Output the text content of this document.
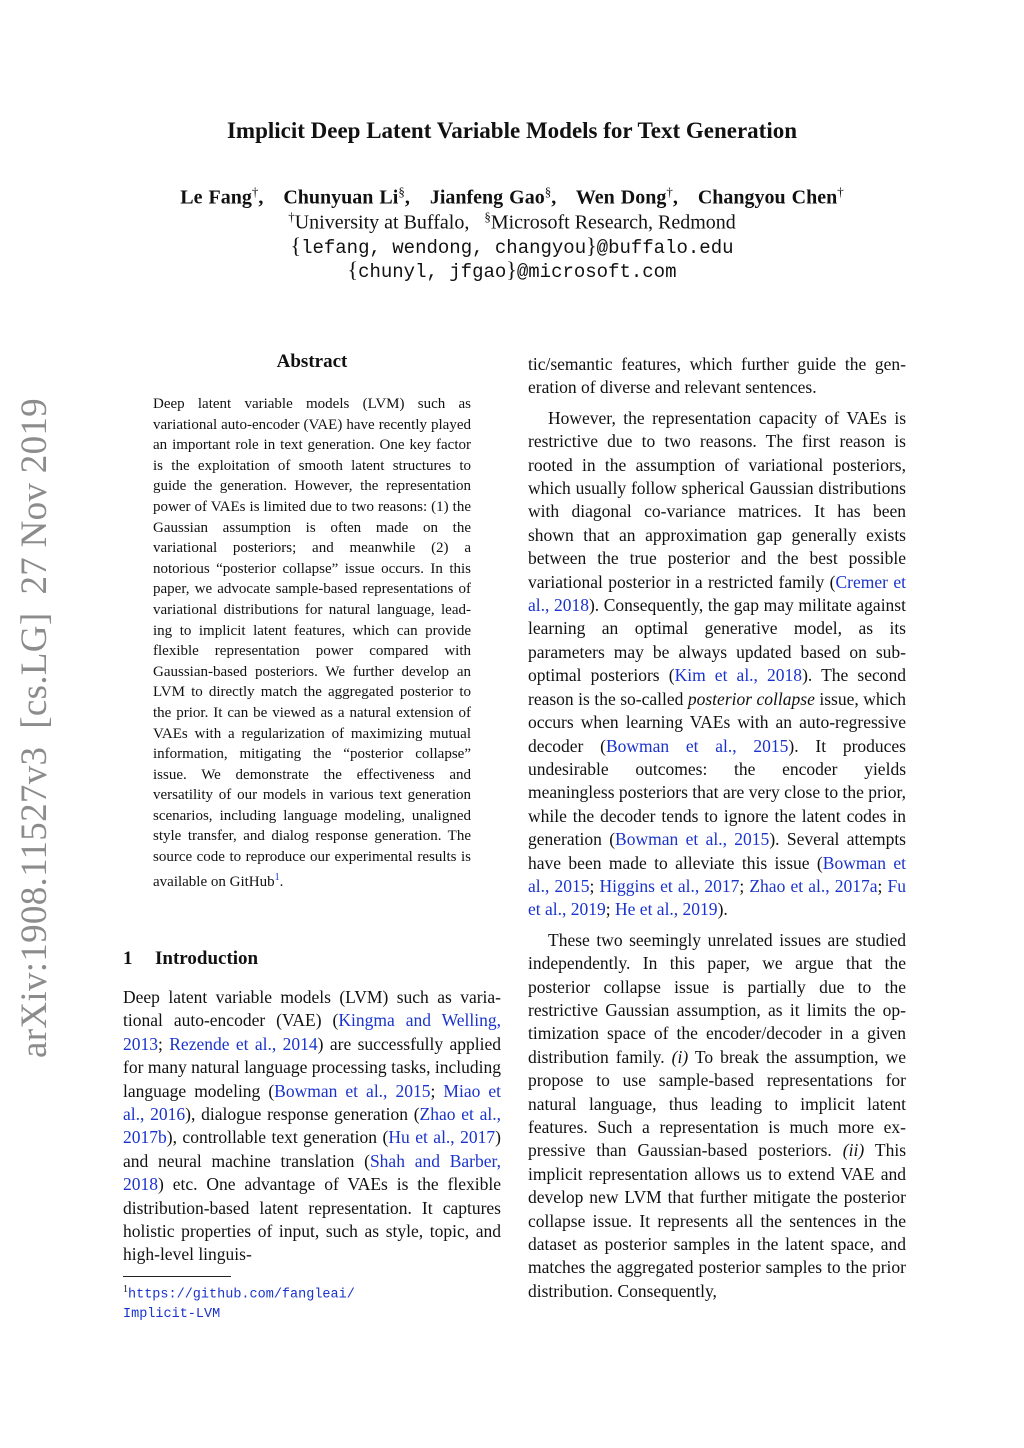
arXiv:1908.11527v3[cs.LG]27 Nov 2019
Implicit Deep Latent Variable Models for Text Generation
Le Fang†, Chunyuan Li§, Jianfeng Gao§, Wen Dong†, Changyou Chen†
†University at Buffalo, §Microsoft Research, Redmond
{lefang, wendong, changyou}@buffalo.edu
{chunyl, jfgao}@microsoft.com
Abstract
Deep latent variable models (LVM) such as variational auto-encoder (VAE) have recently played an important role in text generation. One key factor is the exploitation of smooth latent structures to guide the generation. However, the representation power of VAEs is limited due to two reasons: (1) the Gaussian assumption is often made on the variational posteriors; and meanwhile (2) a notorious “posterior collapse” issue occurs. In this paper, we advocate sample-based representations of variational distributions for natural language, leading to implicit latent features, which can provide flexible representation power compared with Gaussian-based posteriors. We further develop an LVM to directly match the aggregated posterior to the prior. It can be viewed as a natural extension of VAEs with a regularization of maximizing mutual information, mitigating the “posterior collapse” issue. We demonstrate the effectiveness and versatility of our models in various text generation scenarios, including language modeling, unaligned style transfer, and dialog response generation. The source code to reproduce our experimental results is available on GitHub$^1$.
1 Introduction

Deep latent variable models (LVM) such as variational auto-encoder (VAE) (Kingma and Welling, 2013; Rezende et al., 2014) are successfully applied for many natural language processing tasks, including language modeling (Bowman et al., 2015; Miao et al., 2016), dialogue response generation (Zhao et al., 2017b), controllable text generation (Hu et al., 2017) and neural machine translation (Shah and Barber, 2018) etc. One advantage of VAEs is the flexible distribution-based latent representation. It captures holistic properties of input, such as style, topic, and high-level linguis-

$^1$https://github.com/fangleai/
Implicit-LVM

tic/semantic features, which further guide the generation of diverse and relevant sentences.

However, the representation capacity of VAEs is restrictive due to two reasons. The first reason is rooted in the assumption of variational posteriors, which usually follow spherical Gaussian distributions with diagonal co-variance matrices. It has been shown that an approximation gap generally exists between the true posterior and the best possible variational posterior in a restricted family (Cremer et al., 2018). Consequently, the gap may militate against learning an optimal generative model, as its parameters may be always updated based on sub-optimal posteriors (Kim et al., 2018). The second reason is the so-called posterior collapse issue, which occurs when learning VAEs with an auto-regressive decoder (Bowman et al., 2015). It produces undesirable outcomes: the encoder yields meaningless posteriors that are very close to the prior, while the decoder tends to ignore the latent codes in generation (Bowman et al., 2015). Several attempts have been made to alleviate this issue (Bowman et al., 2015; Higgins et al., 2017; Zhao et al., 2017a; Fu et al., 2019; He et al., 2019).

These two seemingly unrelated issues are studied independently. In this paper, we argue that the posterior collapse issue is partially due to the restrictive Gaussian assumption, as it limits the optimization space of the encoder/decoder in a given distribution family. (i) To break the assumption, we propose to use sample-based representations for natural language, thus leading to implicit latent features. Such a representation is much more expressive than Gaussian-based posteriors. (ii) This implicit representation allows us to extend VAE and develop new LVM that further mitigate the posterior collapse issue. It represents all the sentences in the dataset as posterior samples in the latent space, and matches the aggregated posterior samples to the prior distribution. Consequently,
